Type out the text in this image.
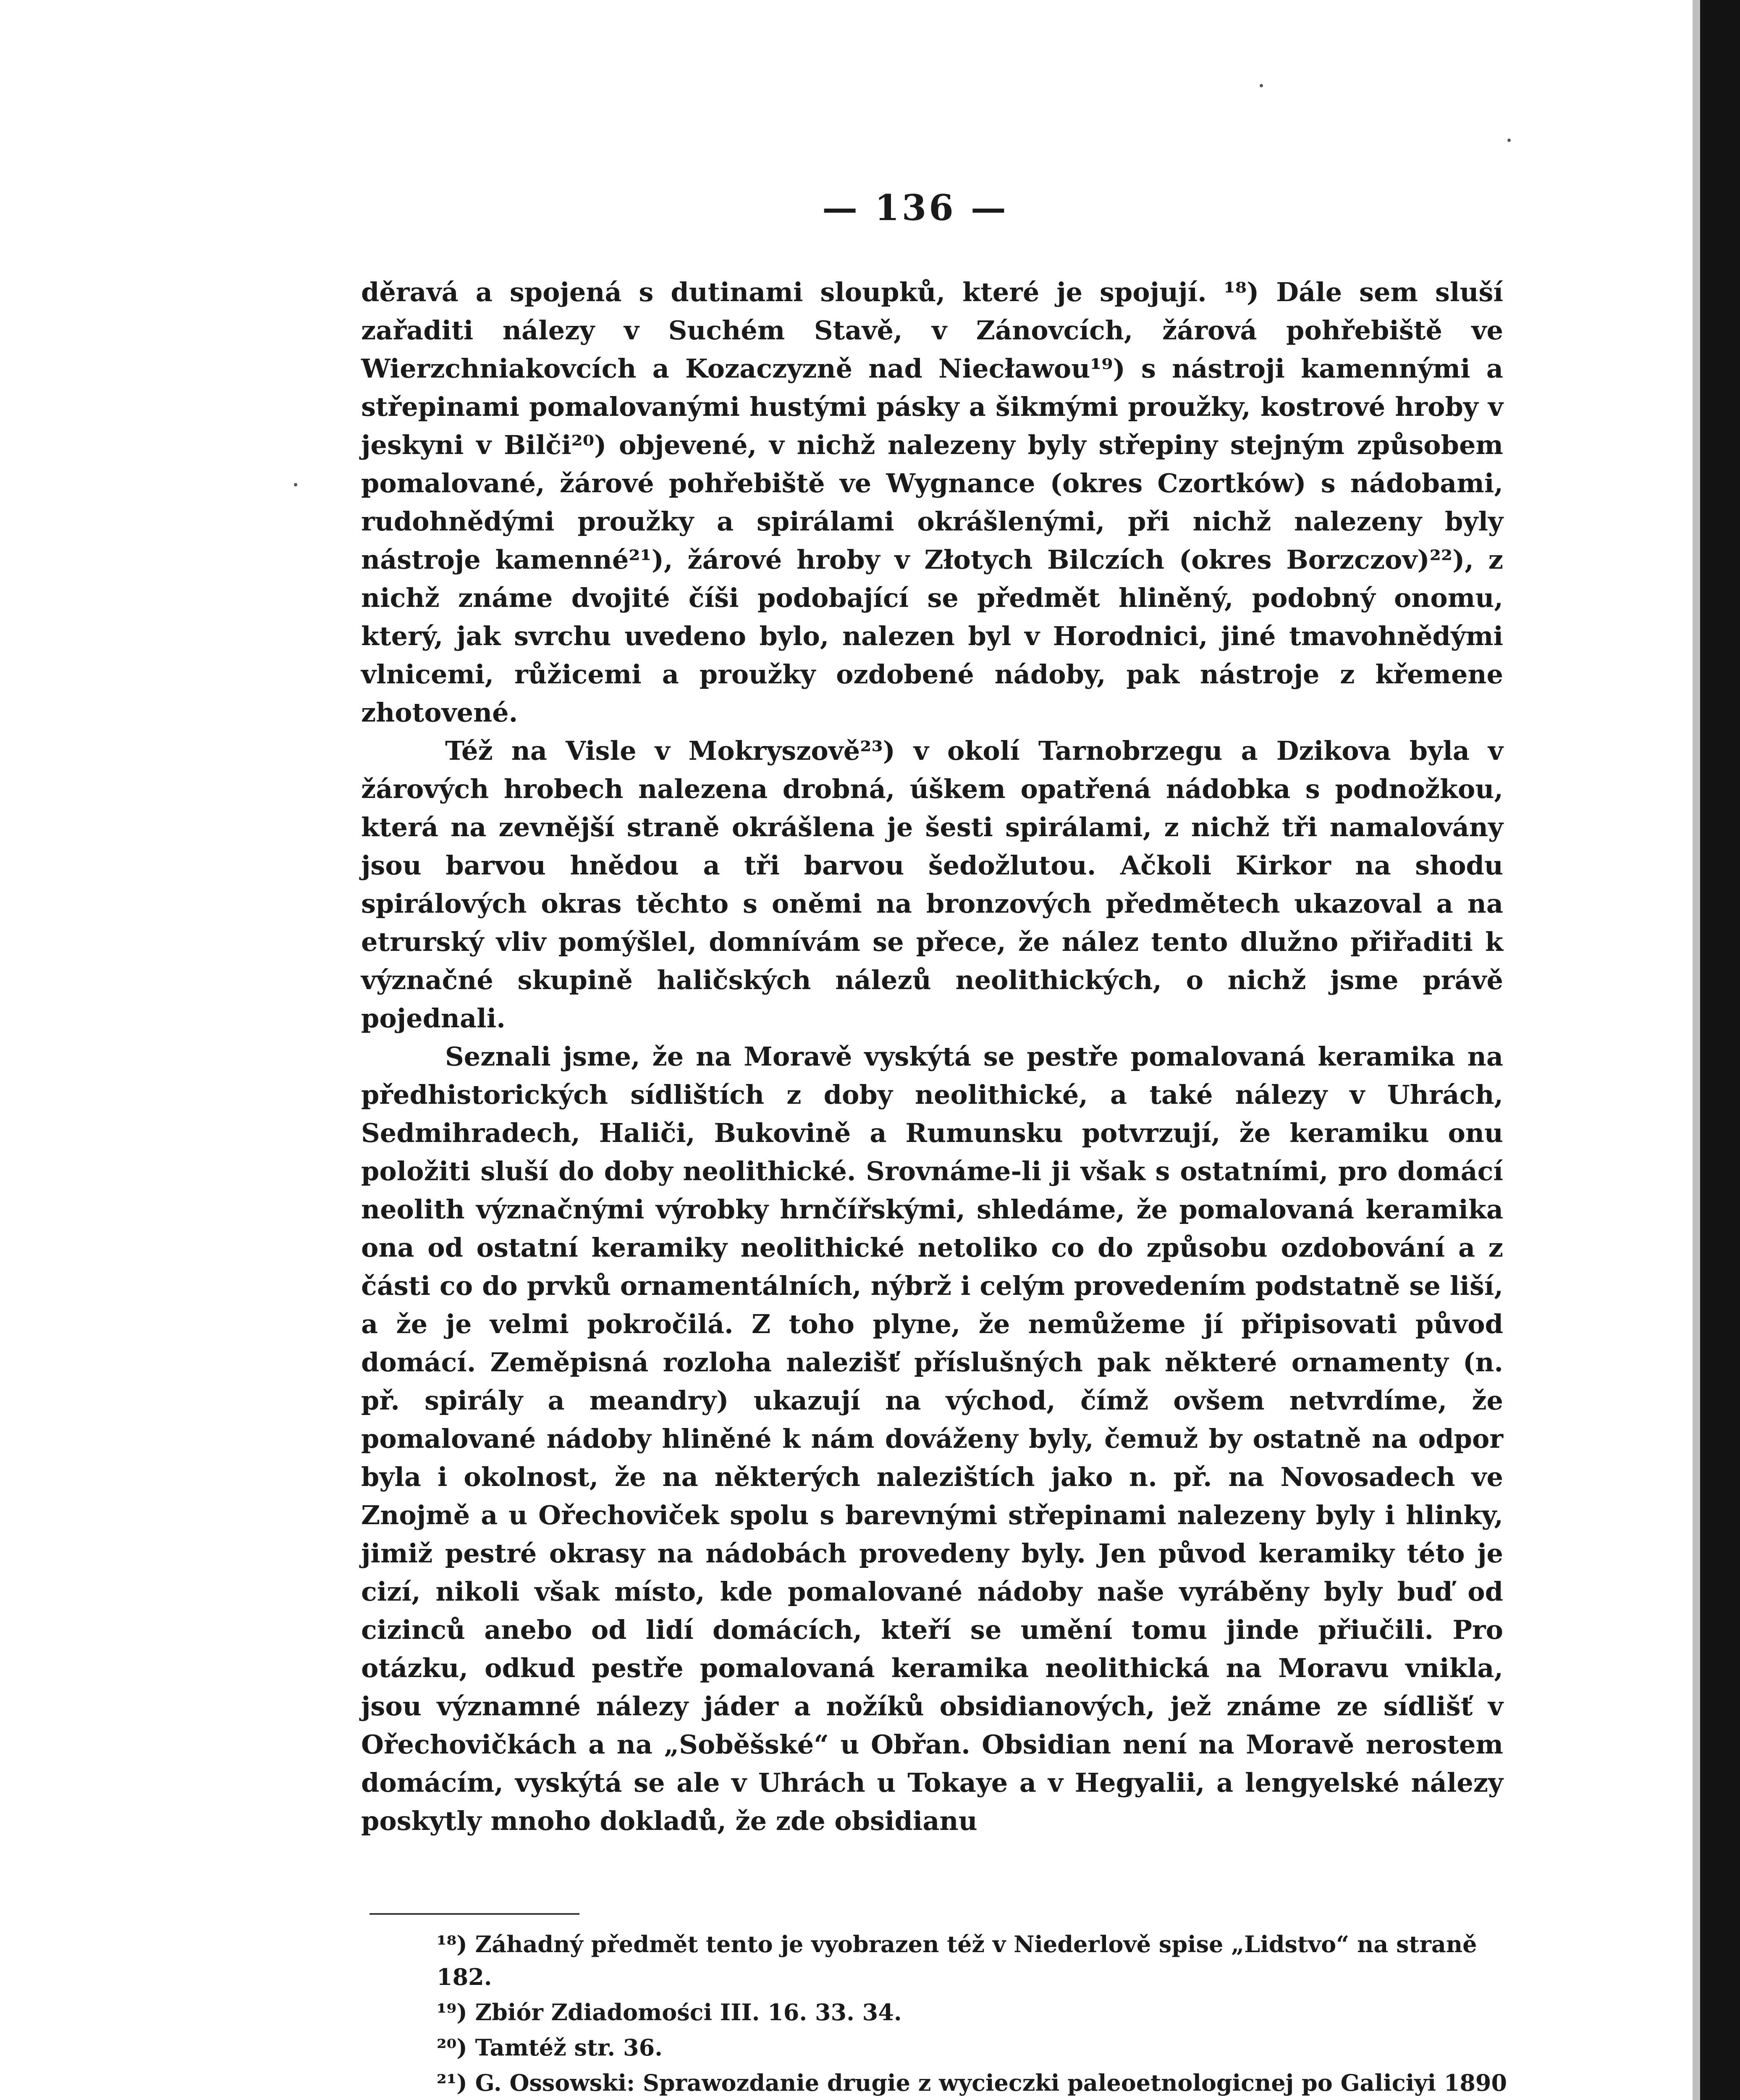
— 136 —

děravá a spojená s dutinami sloupků, které je spojují. ¹⁸) Dále sem sluší zařaditi nálezy v Suchém Stavě, v Zánovcích, žárová pohřebiště ve Wierzchniakovcích a Kozaczyzně nad Niecławou¹⁹) s nástroji kamennými a střepinami pomalovanými hustými pásky a šikmými proužky, kostrové hroby v jeskyni v Bilči²⁰) objevené, v nichž nalezeny byly střepiny stejným způsobem pomalované, žárové pohřebiště ve Wygnance (okres Czortków) s nádobami, rudohnědými proužky a spirálami okrášlenými, při nichž nalezeny byly nástroje kamenné²¹), žárové hroby v Złotych Bilczích (okres Borzczov)²²), z nichž známe dvojité číši podobající se předmět hliněný, podobný onomu, který, jak svrchu uvedeno bylo, nalezen byl v Horodnici, jiné tmavohnědými vlnicemi, růžicemi a proužky ozdobené nádoby, pak nástroje z křemene zhotovené.

Též na Visle v Mokryszově²³) v okolí Tarnobrzegu a Dzikova byla v žárových hrobech nalezena drobná, úškem opatřená nádobka s podnožkou, která na zevnější straně okrášlena je šesti spirálami, z nichž tři namalovány jsou barvou hnědou a tři barvou šedožlutou. Ačkoli Kirkor na shodu spirálových okras těchto s oněmi na bronzových předmětech ukazoval a na etrurský vliv pomýšlel, domnívám se přece, že nález tento dlužno přiřaditi k význačné skupině haličských nálezů neolithických, o nichž jsme právě pojednali.

Seznali jsme, že na Moravě vyskýtá se pestře pomalovaná keramika na předhistorických sídlištích z doby neolithické, a také nálezy v Uhrách, Sedmihradech, Haliči, Bukovině a Rumunsku potvrzují, že keramiku onu položiti sluší do doby neolithické. Srovnáme-li ji však s ostatními, pro domácí neolith význačnými výrobky hrnčířskými, shledáme, že pomalovaná keramika ona od ostatní keramiky neolithické netoliko co do způsobu ozdobování a z části co do prvků ornamentálních, nýbrž i celým provedením podstatně se liší, a že je velmi pokročilá. Z toho plyne, že nemůžeme jí připisovati původ domácí. Zeměpisná rozloha nalezišť příslušných pak některé ornamenty (n. př. spirály a meandry) ukazují na východ, čímž ovšem netvrdíme, že pomalované nádoby hliněné k nám dováženy byly, čemuž by ostatně na odpor byla i okolnost, že na některých nalezištích jako n. př. na Novosadech ve Znojmě a u Ořechoviček spolu s barevnými střepinami nalezeny byly i hlinky, jimiž pestré okrasy na nádobách provedeny byly. Jen původ keramiky této je cizí, nikoli však místo, kde pomalované nádoby naše vyráběny byly buď od cizinců anebo od lidí domácích, kteří se umění tomu jinde přiučili. Pro otázku, odkud pestře pomalovaná keramika neolithická na Moravu vnikla, jsou významné nálezy jáder a nožíků obsidianových, jež známe ze sídlišť v Ořechovičkách a na „Soběšské“ u Obřan. Obsidian není na Moravě nerostem domácím, vyskýtá se ale v Uhrách u Tokaye a v Hegyalii, a lengyelské nálezy poskytly mnoho dokladů, že zde obsidianu

¹⁸) Záhadný předmět tento je vyobrazen též v Niederlově spise „Lidstvo“ na straně 182.
¹⁹) Zbiór Zdiadomości III. 16. 33. 34.
²⁰) Tamtéž str. 36.
²¹) G. Ossowski: Sprawozdanie drugie z wycieczki paleoetnologicnej po Galiciyi 1890
